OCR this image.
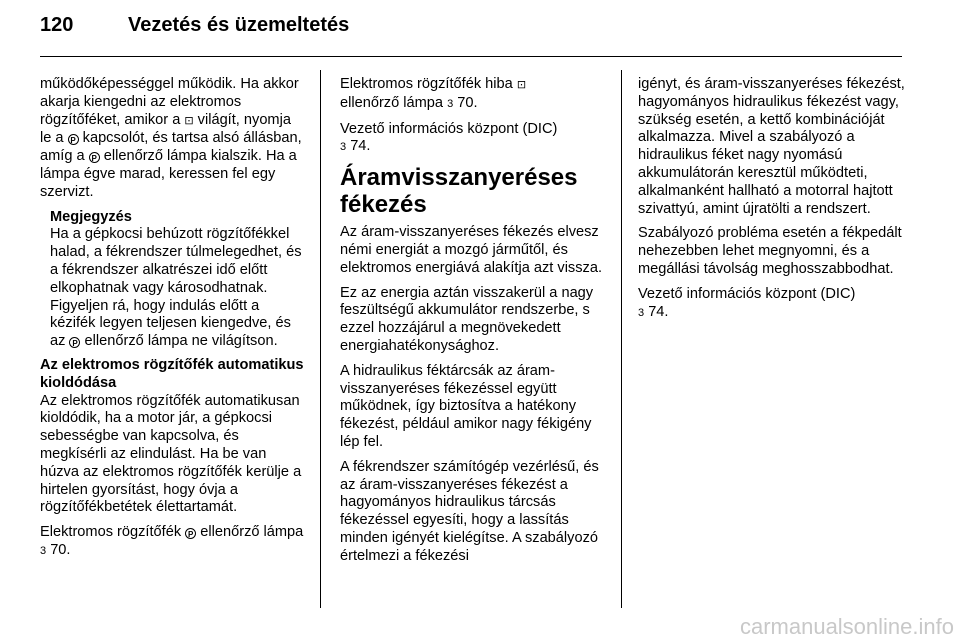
120	Vezetés és üzemeltetés

működőképességgel működik. Ha akkor akarja kiengedni az elektromos rögzítőféket, amikor a ⊡ világít, nyomja le a P kapcsolót, és tartsa alsó állásban, amíg a P ellenőrző lámpa kialszik. Ha a lámpa égve marad, keressen fel egy szervizt.

Megjegyzés
Ha a gépkocsi behúzott rögzítőfékkel halad, a fékrendszer túlmelegedhet, és a fékrendszer alkatrészei idő előtt elkophatnak vagy károsodhatnak. Figyeljen rá, hogy indulás előtt a kézifék legyen teljesen kiengedve, és az P ellenőrző lámpa ne világítson.
Az elektromos rögzítőfék automatikus kioldódása

Az elektromos rögzítőfék automatikusan kioldódik, ha a motor jár, a gépkocsi sebességbe van kapcsolva, és megkísérli az elindulást. Ha be van húzva az elektromos rögzítőfék kerülje a hirtelen gyorsítást, hogy óvja a rögzítőfékbetétek élettartamát.

Elektromos rögzítőfék P ellenőrző lámpa 3 70.

Elektromos rögzítőfék hiba ⊡
ellenőrző lámpa 3 70.

Vezető információs központ (DIC)
3 74.

Áramvisszanyeréses fékezés

Az áram-visszanyeréses fékezés elvesz némi energiát a mozgó járműtől, és elektromos energiává alakítja azt vissza.

Ez az energia aztán visszakerül a nagy feszültségű akkumulátor rendszerbe, s ezzel hozzájárul a megnövekedett energiahatékonysághoz.

A hidraulikus féktárcsák az áram-visszanyeréses fékezéssel együtt működnek, így biztosítva a hatékony fékezést, például amikor nagy fékigény lép fel.

A fékrendszer számítógép vezérlésű, és az áram-visszanyeréses fékezést a hagyományos hidraulikus tárcsás fékezéssel egyesíti, hogy a lassítás minden igényét kielégítse. A szabályozó értelmezi a fékezési

igényt, és áram-visszanyeréses fékezést, hagyományos hidraulikus fékezést vagy, szükség esetén, a kettő kombinációját alkalmazza. Mivel a szabályozó a hidraulikus féket nagy nyomású akkumulátorán keresztül működteti, alkalmanként hallható a motorral hajtott szivattyú, amint újratölti a rendszert.

Szabályozó probléma esetén a fékpedált nehezebben lehet megnyomni, és a megállási távolság meghosszabbodhat.

Vezető információs központ (DIC)
3 74.

carmanualsonline.info
